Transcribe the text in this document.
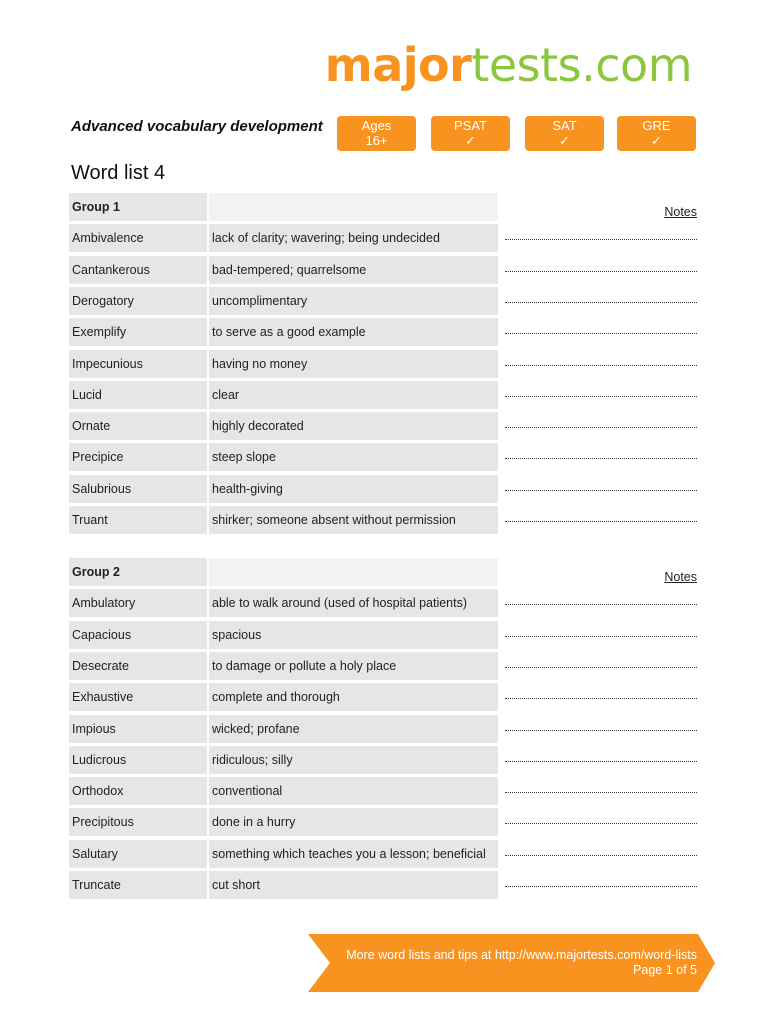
majortests.com
Advanced vocabulary development	Ages
16+
PSAT
✓
SAT
✓
GRE
✓
Word list 4
Group 1	Notes
Ambivalence	lack of clarity; wavering; being undecided
Cantankerous	bad-tempered; quarrelsome
Derogatory	uncomplimentary
Exemplify	to serve as a good example
Impecunious	having no money
Lucid	clear
Ornate	highly decorated
Precipice	steep slope
Salubrious	health-giving
Truant	shirker; someone absent without permission
Group 2	Notes
Ambulatory	able to walk around (used of hospital patients)
Capacious	spacious
Desecrate	to damage or pollute a holy place
Exhaustive	complete and thorough
Impious	wicked; profane
Ludicrous	ridiculous; silly
Orthodox	conventional
Precipitous	done in a hurry
Salutary	something which teaches you a lesson; beneficial
Truncate	cut short
More word lists and tips at http://www.majortests.com/word-lists
Page 1 of 5
